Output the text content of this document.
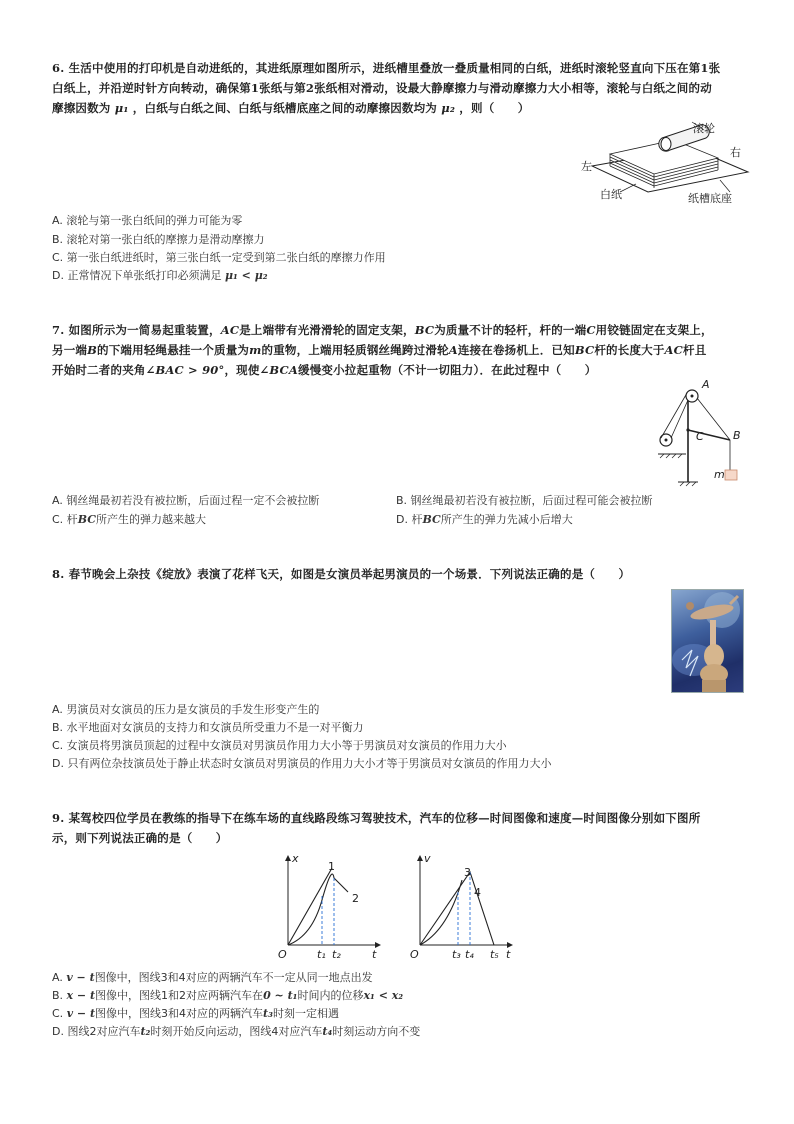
6. 生活中使用的打印机是自动进纸的，其进纸原理如图所示，进纸槽里叠放一叠质量相同的白纸，进纸时滚轮竖直向下压在第1张
白纸上，并沿逆时针方向转动，确保第1张纸与第2张纸相对滑动，设最大静摩擦力与滑动摩擦力大小相等，滚轮与白纸之间的动
摩擦因数为 μ₁ ，白纸与白纸之间、白纸与纸槽底座之间的动摩擦因数均为 μ₂ ，则（　　）
滚轮
右
左
白纸	纸槽底座
A. 滚轮与第一张白纸间的弹力可能为零
B. 滚轮对第一张白纸的摩擦力是滑动摩擦力
C. 第一张白纸进纸时，第三张白纸一定受到第二张白纸的摩擦力作用
D. 正常情况下单张纸打印必须满足 μ₁ < μ₂
7. 如图所示为一简易起重装置，AC是上端带有光滑滑轮的固定支架，BC为质量不计的轻杆，杆的一端C用铰链固定在支架上，
另一端B的下端用轻绳悬挂一个质量为m的重物，上端用轻质钢丝绳跨过滑轮A连接在卷扬机上．已知BC杆的长度大于AC杆且
开始时二者的夹角∠BAC > 90°，现使∠BCA缓慢变小拉起重物（不计一切阻力）．在此过程中（　　）
A
C	B
m
A. 钢丝绳最初若没有被拉断，后面过程一定不会被拉断	B. 钢丝绳最初若没有被拉断，后面过程可能会被拉断
C. 杆BC所产生的弹力越来越大	D. 杆BC所产生的弹力先减小后增大
8. 春节晚会上杂技《绽放》表演了花样飞天，如图是女演员举起男演员的一个场景．下列说法正确的是（　　）
A. 男演员对女演员的压力是女演员的手发生形变产生的
B. 水平地面对女演员的支持力和女演员所受重力不是一对平衡力
C. 女演员将男演员顶起的过程中女演员对男演员作用力大小等于男演员对女演员的作用力大小
D. 只有两位杂技演员处于静止状态时女演员对男演员的作用力大小才等于男演员对女演员的作用力大小
9. 某驾校四位学员在教练的指导下在练车场的直线路段练习驾驶技术，汽车的位移—时间图像和速度—时间图像分别如下图所
示，则下列说法正确的是（　　）
x
t
O
1
2
t₁ t₂
v
t
O
3
4
t₃ t₄ t₅
A. v − t图像中，图线3和4对应的两辆汽车不一定从同一地点出发
B. x − t图像中，图线1和2对应两辆汽车在0 ~ t₁时间内的位移x₁ < x₂
C. v − t图像中，图线3和4对应的两辆汽车t₃时刻一定相遇
D. 图线2对应汽车t₂时刻开始反向运动，图线4对应汽车t₄时刻运动方向不变
